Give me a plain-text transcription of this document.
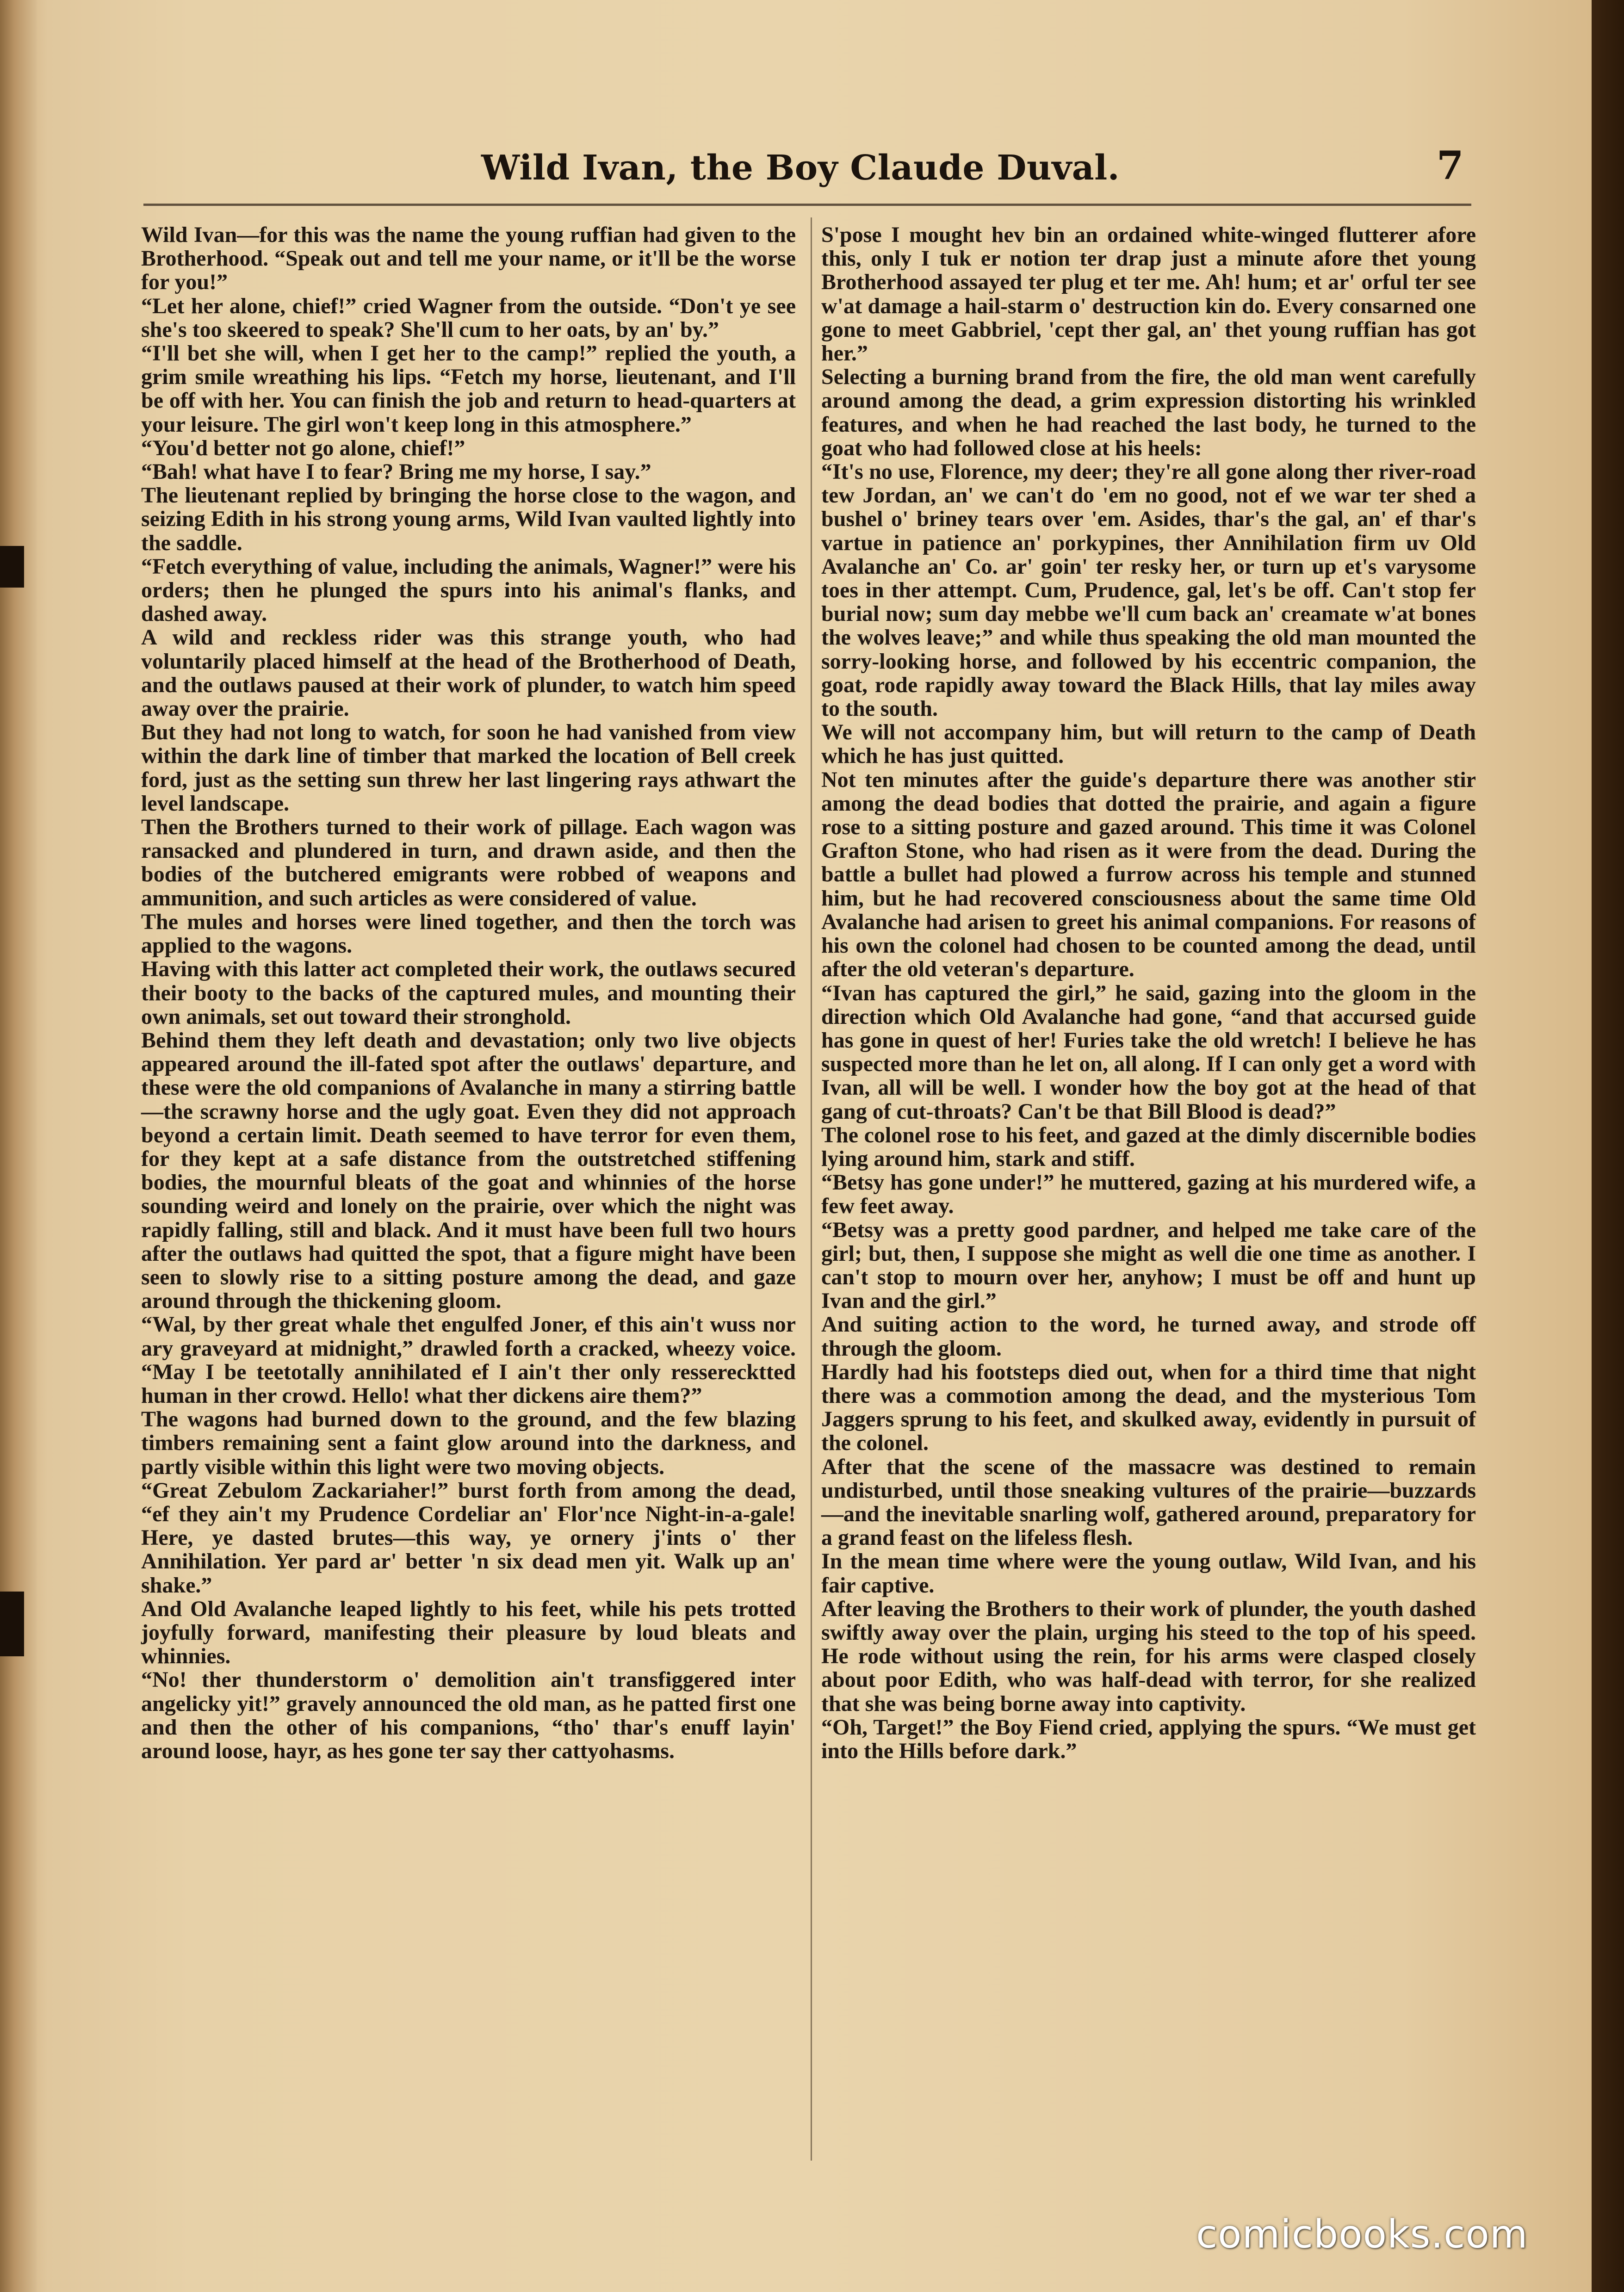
Wild Ivan, the Boy Claude Duval.	7

Wild Ivan—for this was the name the young ruffian had given to the Brotherhood. “Speak out and tell me your name, or it'll be the worse for you!”

“Let her alone, chief!” cried Wagner from the outside. “Don't ye see she's too skeered to speak? She'll cum to her oats, by an' by.”

“I'll bet she will, when I get her to the camp!” replied the youth, a grim smile wreathing his lips. “Fetch my horse, lieutenant, and I'll be off with her. You can finish the job and return to head-quarters at your leisure. The girl won't keep long in this atmosphere.”

“You'd better not go alone, chief!”

“Bah! what have I to fear? Bring me my horse, I say.”

The lieutenant replied by bringing the horse close to the wagon, and seizing Edith in his strong young arms, Wild Ivan vaulted lightly into the saddle.

“Fetch everything of value, including the animals, Wagner!” were his orders; then he plunged the spurs into his animal's flanks, and dashed away.

A wild and reckless rider was this strange youth, who had voluntarily placed himself at the head of the Brotherhood of Death, and the outlaws paused at their work of plunder, to watch him speed away over the prairie.

But they had not long to watch, for soon he had vanished from view within the dark line of timber that marked the location of Bell creek ford, just as the setting sun threw her last lingering rays athwart the level landscape.

Then the Brothers turned to their work of pillage. Each wagon was ransacked and plundered in turn, and drawn aside, and then the bodies of the butchered emigrants were robbed of weapons and ammunition, and such articles as were considered of value.

The mules and horses were lined together, and then the torch was applied to the wagons.

Having with this latter act completed their work, the outlaws secured their booty to the backs of the captured mules, and mounting their own animals, set out toward their stronghold.

Behind them they left death and devastation; only two live objects appeared around the ill-fated spot after the outlaws' departure, and these were the old companions of Avalanche in many a stirring battle—the scrawny horse and the ugly goat. Even they did not approach beyond a certain limit. Death seemed to have terror for even them, for they kept at a safe distance from the outstretched stiffening bodies, the mournful bleats of the goat and whinnies of the horse sounding weird and lonely on the prairie, over which the night was rapidly falling, still and black. And it must have been full two hours after the outlaws had quitted the spot, that a figure might have been seen to slowly rise to a sitting posture among the dead, and gaze around through the thickening gloom.

“Wal, by ther great whale thet engulfed Joner, ef this ain't wuss nor ary graveyard at midnight,” drawled forth a cracked, wheezy voice. “May I be teetotally annihilated ef I ain't ther only resserecktted human in ther crowd. Hello! what ther dickens aire them?”

The wagons had burned down to the ground, and the few blazing timbers remaining sent a faint glow around into the darkness, and partly visible within this light were two moving objects.

“Great Zebulom Zackariaher!” burst forth from among the dead, “ef they ain't my Prudence Cordeliar an' Flor'nce Night-in-a-gale! Here, ye dasted brutes—this way, ye ornery j'ints o' ther Annihilation. Yer pard ar' better 'n six dead men yit. Walk up an' shake.”

And Old Avalanche leaped lightly to his feet, while his pets trotted joyfully forward, manifesting their pleasure by loud bleats and whinnies.

“No! ther thunderstorm o' demolition ain't transfiggered inter angelicky yit!” gravely announced the old man, as he patted first one and then the other of his companions, “tho' thar's enuff layin' around loose, hayr, as hes gone ter say ther cattyohasms.

S'pose I mought hev bin an ordained white-winged flutterer afore this, only I tuk er notion ter drap just a minute afore thet young Brotherhood assayed ter plug et ter me. Ah! hum; et ar' orful ter see w'at damage a hail-starm o' destruction kin do. Every consarned one gone to meet Gabbriel, 'cept ther gal, an' thet young ruffian has got her.”

Selecting a burning brand from the fire, the old man went carefully around among the dead, a grim expression distorting his wrinkled features, and when he had reached the last body, he turned to the goat who had followed close at his heels:

“It's no use, Florence, my deer; they're all gone along ther river-road tew Jordan, an' we can't do 'em no good, not ef we war ter shed a bushel o' briney tears over 'em. Asides, thar's the gal, an' ef thar's vartue in patience an' porkypines, ther Annihilation firm uv Old Avalanche an' Co. ar' goin' ter resky her, or turn up et's varysome toes in ther attempt. Cum, Prudence, gal, let's be off. Can't stop fer burial now; sum day mebbe we'll cum back an' creamate w'at bones the wolves leave;” and while thus speaking the old man mounted the sorry-looking horse, and followed by his eccentric companion, the goat, rode rapidly away toward the Black Hills, that lay miles away to the south.

We will not accompany him, but will return to the camp of Death which he has just quitted.

Not ten minutes after the guide's departure there was another stir among the dead bodies that dotted the prairie, and again a figure rose to a sitting posture and gazed around. This time it was Colonel Grafton Stone, who had risen as it were from the dead. During the battle a bullet had plowed a furrow across his temple and stunned him, but he had recovered consciousness about the same time Old Avalanche had arisen to greet his animal companions. For reasons of his own the colonel had chosen to be counted among the dead, until after the old veteran's departure.

“Ivan has captured the girl,” he said, gazing into the gloom in the direction which Old Avalanche had gone, “and that accursed guide has gone in quest of her! Furies take the old wretch! I believe he has suspected more than he let on, all along. If I can only get a word with Ivan, all will be well. I wonder how the boy got at the head of that gang of cut-throats? Can't be that Bill Blood is dead?”

The colonel rose to his feet, and gazed at the dimly discernible bodies lying around him, stark and stiff.

“Betsy has gone under!” he muttered, gazing at his murdered wife, a few feet away.

“Betsy was a pretty good pardner, and helped me take care of the girl; but, then, I suppose she might as well die one time as another. I can't stop to mourn over her, anyhow; I must be off and hunt up Ivan and the girl.”

And suiting action to the word, he turned away, and strode off through the gloom.

Hardly had his footsteps died out, when for a third time that night there was a commotion among the dead, and the mysterious Tom Jaggers sprung to his feet, and skulked away, evidently in pursuit of the colonel.

After that the scene of the massacre was destined to remain undisturbed, until those sneaking vultures of the prairie—buzzards—and the inevitable snarling wolf, gathered around, preparatory for a grand feast on the lifeless flesh.

In the mean time where were the young outlaw, Wild Ivan, and his fair captive.

After leaving the Brothers to their work of plunder, the youth dashed swiftly away over the plain, urging his steed to the top of his speed. He rode without using the rein, for his arms were clasped closely about poor Edith, who was half-dead with terror, for she realized that she was being borne away into captivity.

“Oh, Target!” the Boy Fiend cried, applying the spurs. “We must get into the Hills before dark.”

comicbooks.com
